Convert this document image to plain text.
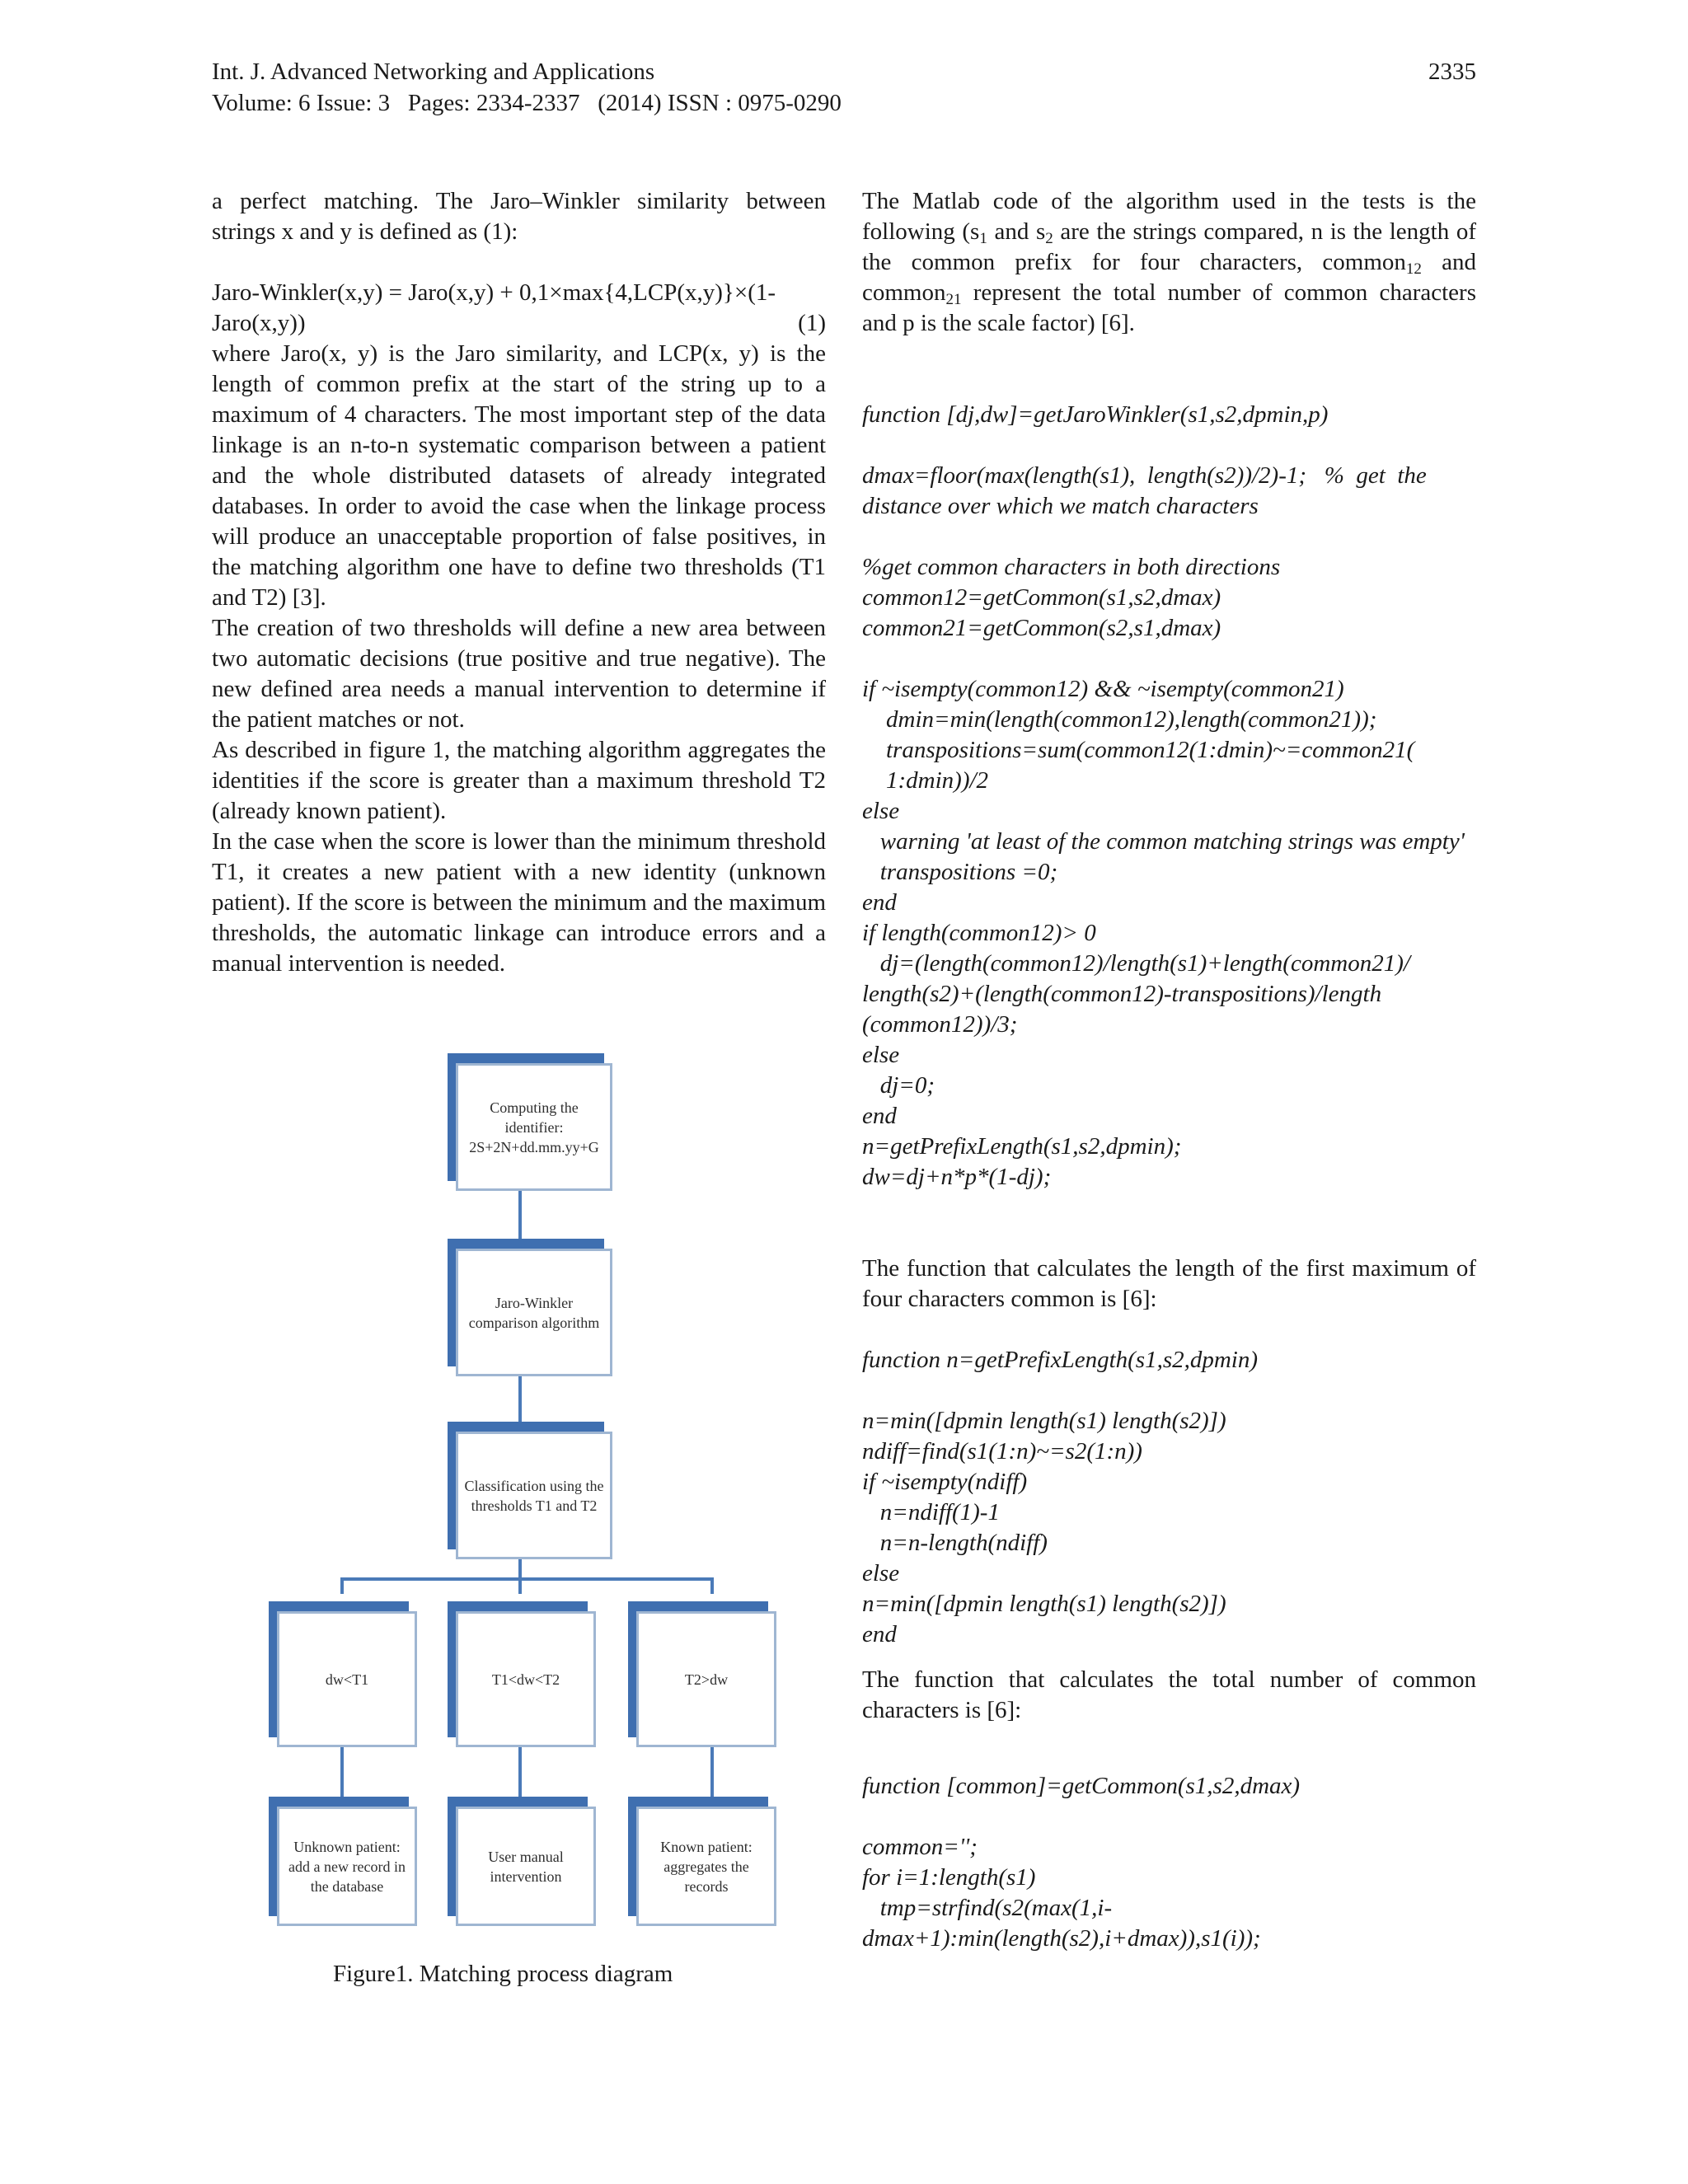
Int. J. Advanced Networking and Applications
Volume: 6 Issue: 3   Pages: 2334-2337   (2014) ISSN : 0975-0290
2335

a perfect matching. The Jaro–Winkler similarity between strings x and y is defined as (1):

Jaro-Winkler(x,y) = Jaro(x,y) + 0,1×max{4,LCP(x,y)}×(1-

Jaro(x,y))	(1)

where Jaro(x, y) is the Jaro similarity, and LCP(x, y) is the length of common prefix at the start of the string up to a maximum of 4 characters. The most important step of the data linkage is an n-to-n systematic comparison between a patient and the whole distributed datasets of already integrated databases. In order to avoid the case when the linkage process will produce an unacceptable proportion of false positives, in the matching algorithm one have to define two thresholds (T1 and T2) [3].

The creation of two thresholds will define a new area between two automatic decisions (true positive and true negative). The new defined area needs a manual intervention to determine if the patient matches or not.

As described in figure 1, the matching algorithm aggregates the identities if the score is greater than a maximum threshold T2 (already known patient).

In the case when the score is lower than the minimum threshold T1, it creates a new patient with a new identity (unknown patient). If the score is between the minimum and the maximum thresholds, the automatic linkage can introduce errors and a manual intervention is needed.

Computing the identifier: 2S+2N+dd.mm.yy+G
Jaro-Winkler comparison algorithm
Classification using the thresholds T1 and T2
dw<T1	T1<dw<T2	T2>dw
Unknown patient: add a new record in the database
User manual intervention
Known patient: aggregates the records
Figure1. Matching process diagram

The Matlab code of the algorithm used in the tests is the following ($s_1$ and $s_2$ are the strings compared, n is the length of the common prefix for four characters, common$_{12}$ and common$_{21}$ represent the total number of common characters and p is the scale factor) [6].

function [dj,dw]=getJaroWinkler(s1,s2,dpmin,p)

dmax=floor(max(length(s1),  length(s2))/2)-1;   %  get  the distance over which we match characters

%get common characters in both directions
common12=getCommon(s1,s2,dmax)
common21=getCommon(s2,s1,dmax)

if ~isempty(common12) && ~isempty(common21)
dmin=min(length(common12),length(common21));
transpositions=sum(common12(1:dmin)~=common21(
1:dmin))/2
else
warning 'at least of the common matching strings was empty'
transpositions =0;
end
if length(common12)> 0
dj=(length(common12)/length(s1)+length(common21)/ length(s2)+(length(common12)-transpositions)/length (common12))/3;
else
dj=0;
end
n=getPrefixLength(s1,s2,dpmin);
dw=dj+n*p*(1-dj);

The function that calculates the length of the first maximum of four characters common is [6]:

function n=getPrefixLength(s1,s2,dpmin)

n=min([dpmin length(s1) length(s2)])
ndiff=find(s1(1:n)~=s2(1:n))
if ~isempty(ndiff)
n=ndiff(1)-1
n=n-length(ndiff)
else
n=min([dpmin length(s1) length(s2)])
end

The function that calculates the total number of common characters is [6]:

function [common]=getCommon(s1,s2,dmax)

common='';
for i=1:length(s1)
tmp=strfind(s2(max(1,i-
dmax+1):min(length(s2),i+dmax)),s1(i));
